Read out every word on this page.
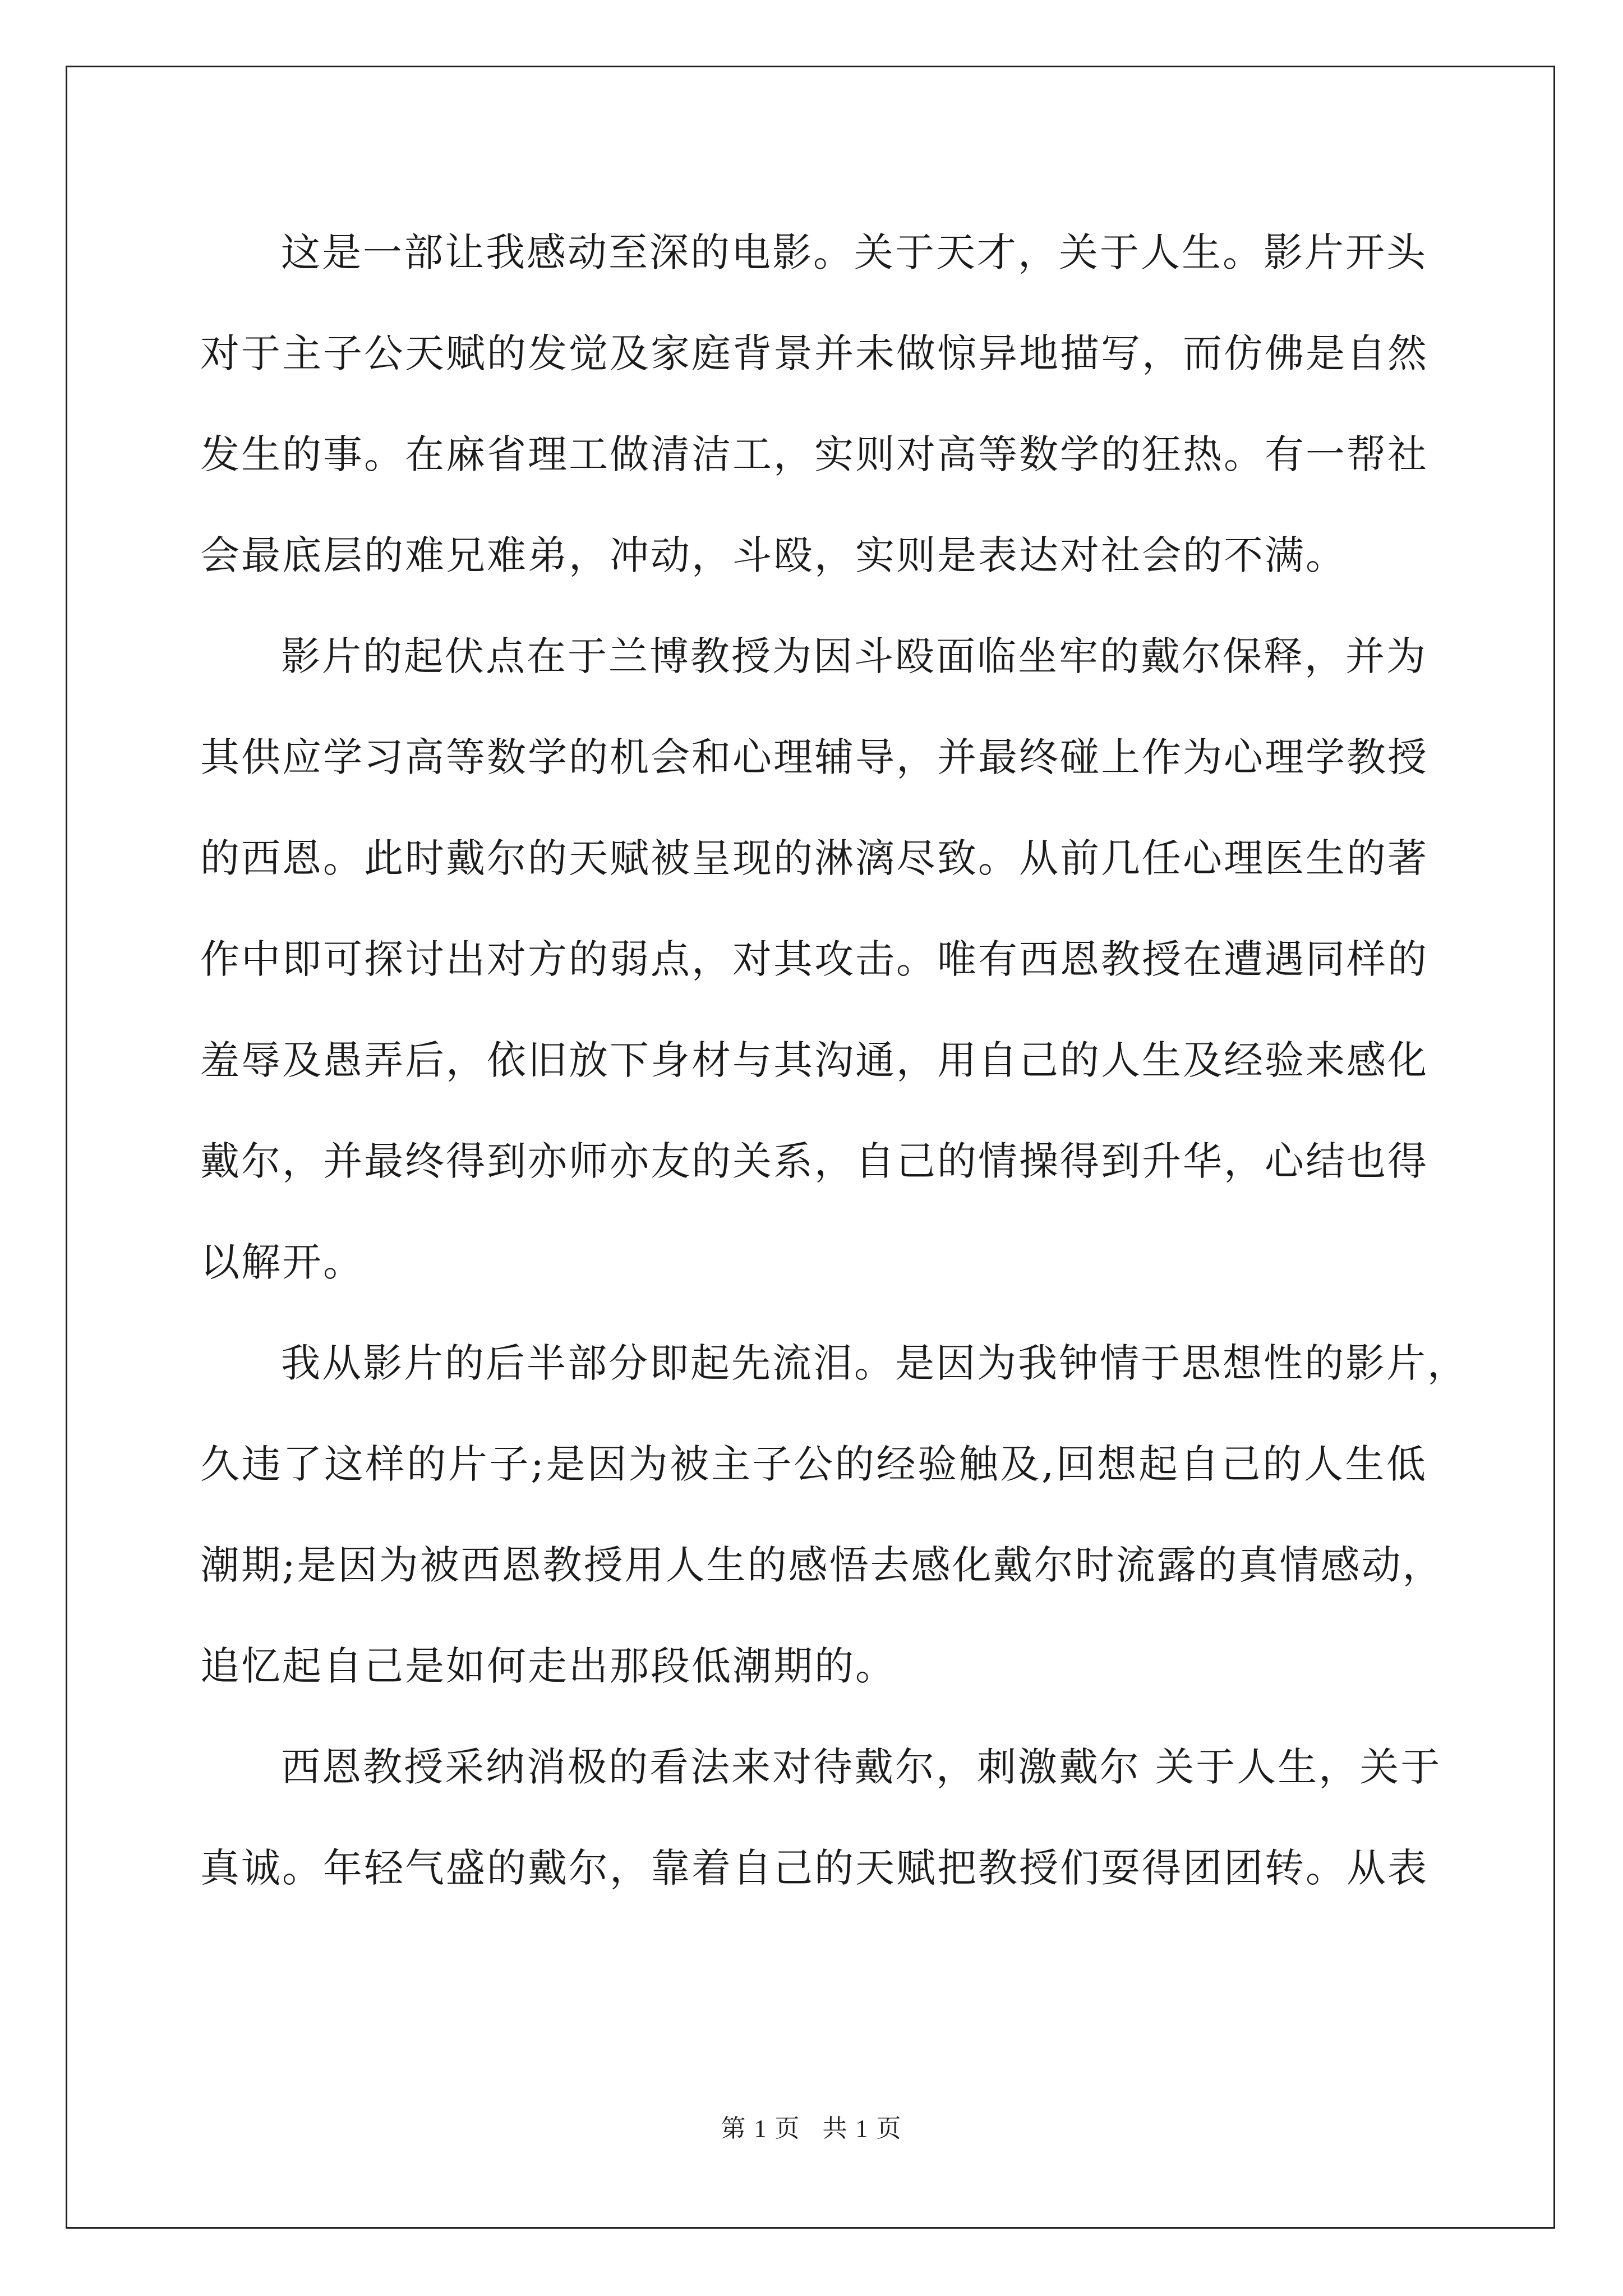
这是一部让我感动至深的电影。关于天才，关于人生。影片开头
对于主子公天赋的发觉及家庭背景并未做惊异地描写，而仿佛是自然
发生的事。在麻省理工做清洁工，实则对高等数学的狂热。有一帮社
会最底层的难兄难弟，冲动，斗殴，实则是表达对社会的不满。
影片的起伏点在于兰博教授为因斗殴面临坐牢的戴尔保释，并为
其供应学习高等数学的机会和心理辅导，并最终碰上作为心理学教授
的西恩。此时戴尔的天赋被呈现的淋漓尽致。从前几任心理医生的著
作中即可探讨出对方的弱点，对其攻击。唯有西恩教授在遭遇同样的
羞辱及愚弄后，依旧放下身材与其沟通，用自己的人生及经验来感化
戴尔，并最终得到亦师亦友的关系，自己的情操得到升华，心结也得
以解开。
我从影片的后半部分即起先流泪。是因为我钟情于思想性的影片，
久违了这样的片子;是因为被主子公的经验触及,回想起自己的人生低
潮期;是因为被西恩教授用人生的感悟去感化戴尔时流露的真情感动，
追忆起自己是如何走出那段低潮期的。
西恩教授采纳消极的看法来对待戴尔，刺激戴尔 关于人生，关于
真诚。年轻气盛的戴尔，靠着自己的天赋把教授们耍得团团转。从表
第 1 页 共 1 页
